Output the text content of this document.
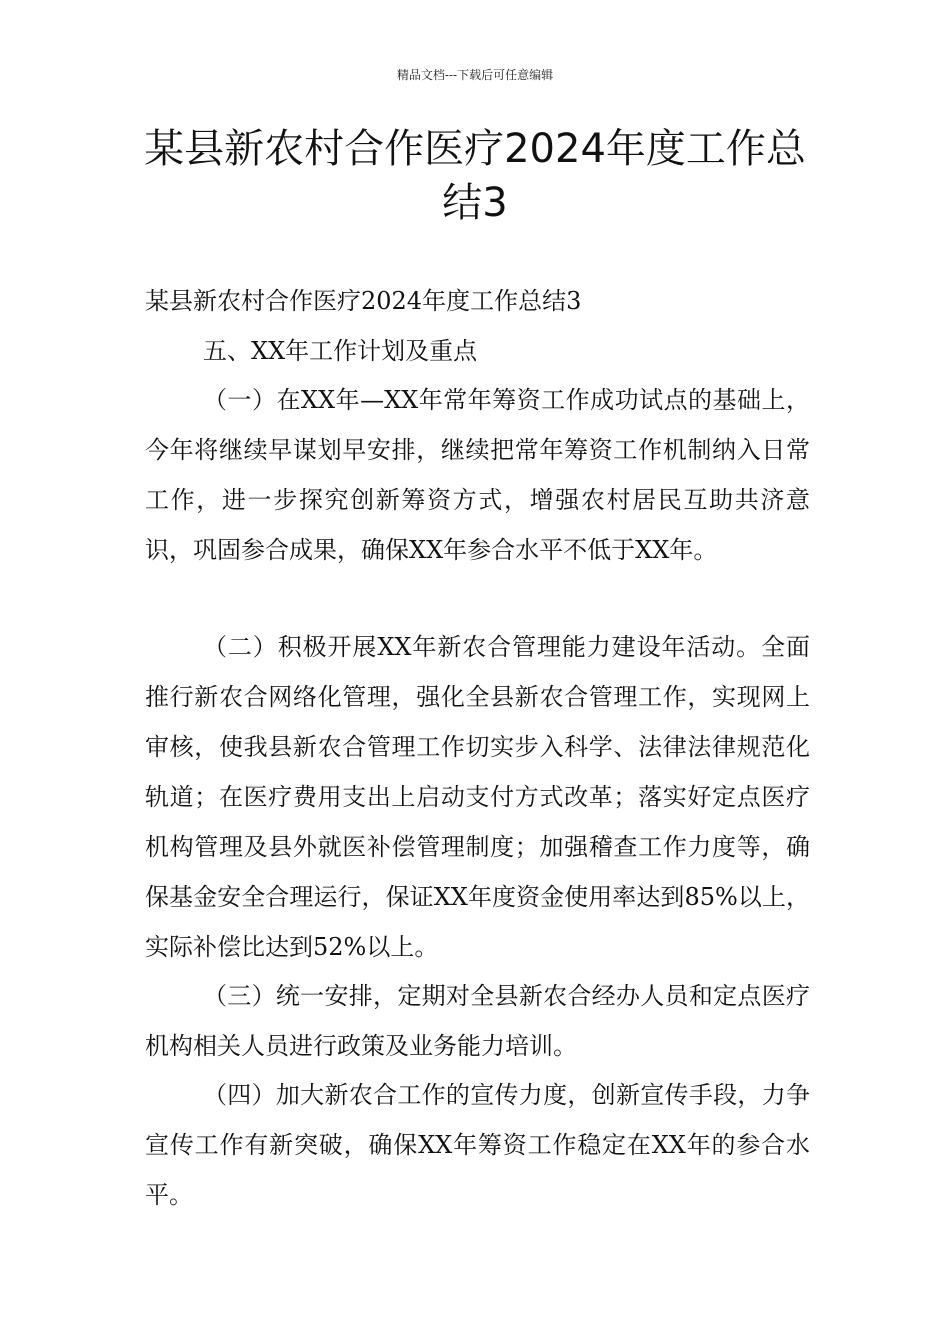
精品文档---下载后可任意编辑
某县新农村合作医疗2024年度工作总结3
某县新农村合作医疗2024年度工作总结3
五、XX年工作计划及重点
（一）在XX年—XX年常年筹资工作成功试点的基础上，今年将继续早谋划早安排，继续把常年筹资工作机制纳入日常工作，进一步探究创新筹资方式，增强农村居民互助共济意识，巩固参合成果，确保XX年参合水平不低于XX年。
（二）积极开展XX年新农合管理能力建设年活动。全面推行新农合网络化管理，强化全县新农合管理工作，实现网上审核，使我县新农合管理工作切实步入科学、法律法律规范化轨道；在医疗费用支出上启动支付方式改革；落实好定点医疗机构管理及县外就医补偿管理制度；加强稽查工作力度等，确保基金安全合理运行，保证XX年度资金使用率达到85%以上，实际补偿比达到52%以上。
（三）统一安排，定期对全县新农合经办人员和定点医疗机构相关人员进行政策及业务能力培训。
（四）加大新农合工作的宣传力度，创新宣传手段，力争宣传工作有新突破，确保XX年筹资工作稳定在XX年的参合水平。
